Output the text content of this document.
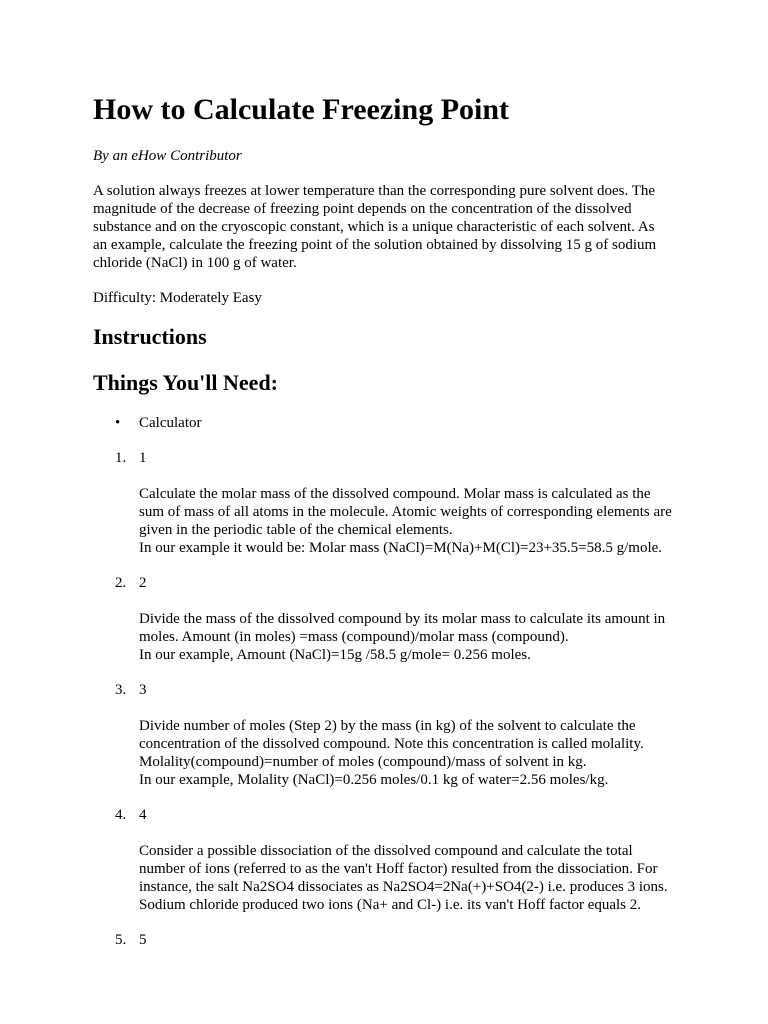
How to Calculate Freezing Point

By an eHow Contributor

A solution always freezes at lower temperature than the corresponding pure solvent does. The magnitude of the decrease of freezing point depends on the concentration of the dissolved substance and on the cryoscopic constant, which is a unique characteristic of each solvent. As an example, calculate the freezing point of the solution obtained by dissolving 15 g of sodium chloride (NaCl) in 100 g of water.

Difficulty: Moderately Easy

Instructions
Things You'll Need:
• Calculator
1. 1

Calculate the molar mass of the dissolved compound. Molar mass is calculated as the sum of mass of all atoms in the molecule. Atomic weights of corresponding elements are given in the periodic table of the chemical elements.
In our example it would be: Molar mass (NaCl)=M(Na)+M(Cl)=23+35.5=58.5 g/mole.

2. 2

Divide the mass of the dissolved compound by its molar mass to calculate its amount in moles. Amount (in moles) =mass (compound)/molar mass (compound).
In our example, Amount (NaCl)=15g /58.5 g/mole= 0.256 moles.

3. 3

Divide number of moles (Step 2) by the mass (in kg) of the solvent to calculate the concentration of the dissolved compound. Note this concentration is called molality. Molality(compound)=number of moles (compound)/mass of solvent in kg.
In our example, Molality (NaCl)=0.256 moles/0.1 kg of water=2.56 moles/kg.

4. 4

Consider a possible dissociation of the dissolved compound and calculate the total number of ions (referred to as the van't Hoff factor) resulted from the dissociation. For instance, the salt Na2SO4 dissociates as Na2SO4=2Na(+)+SO4(2-) i.e. produces 3 ions.
Sodium chloride produced two ions (Na+ and Cl-) i.e. its van't Hoff factor equals 2.

5. 5
